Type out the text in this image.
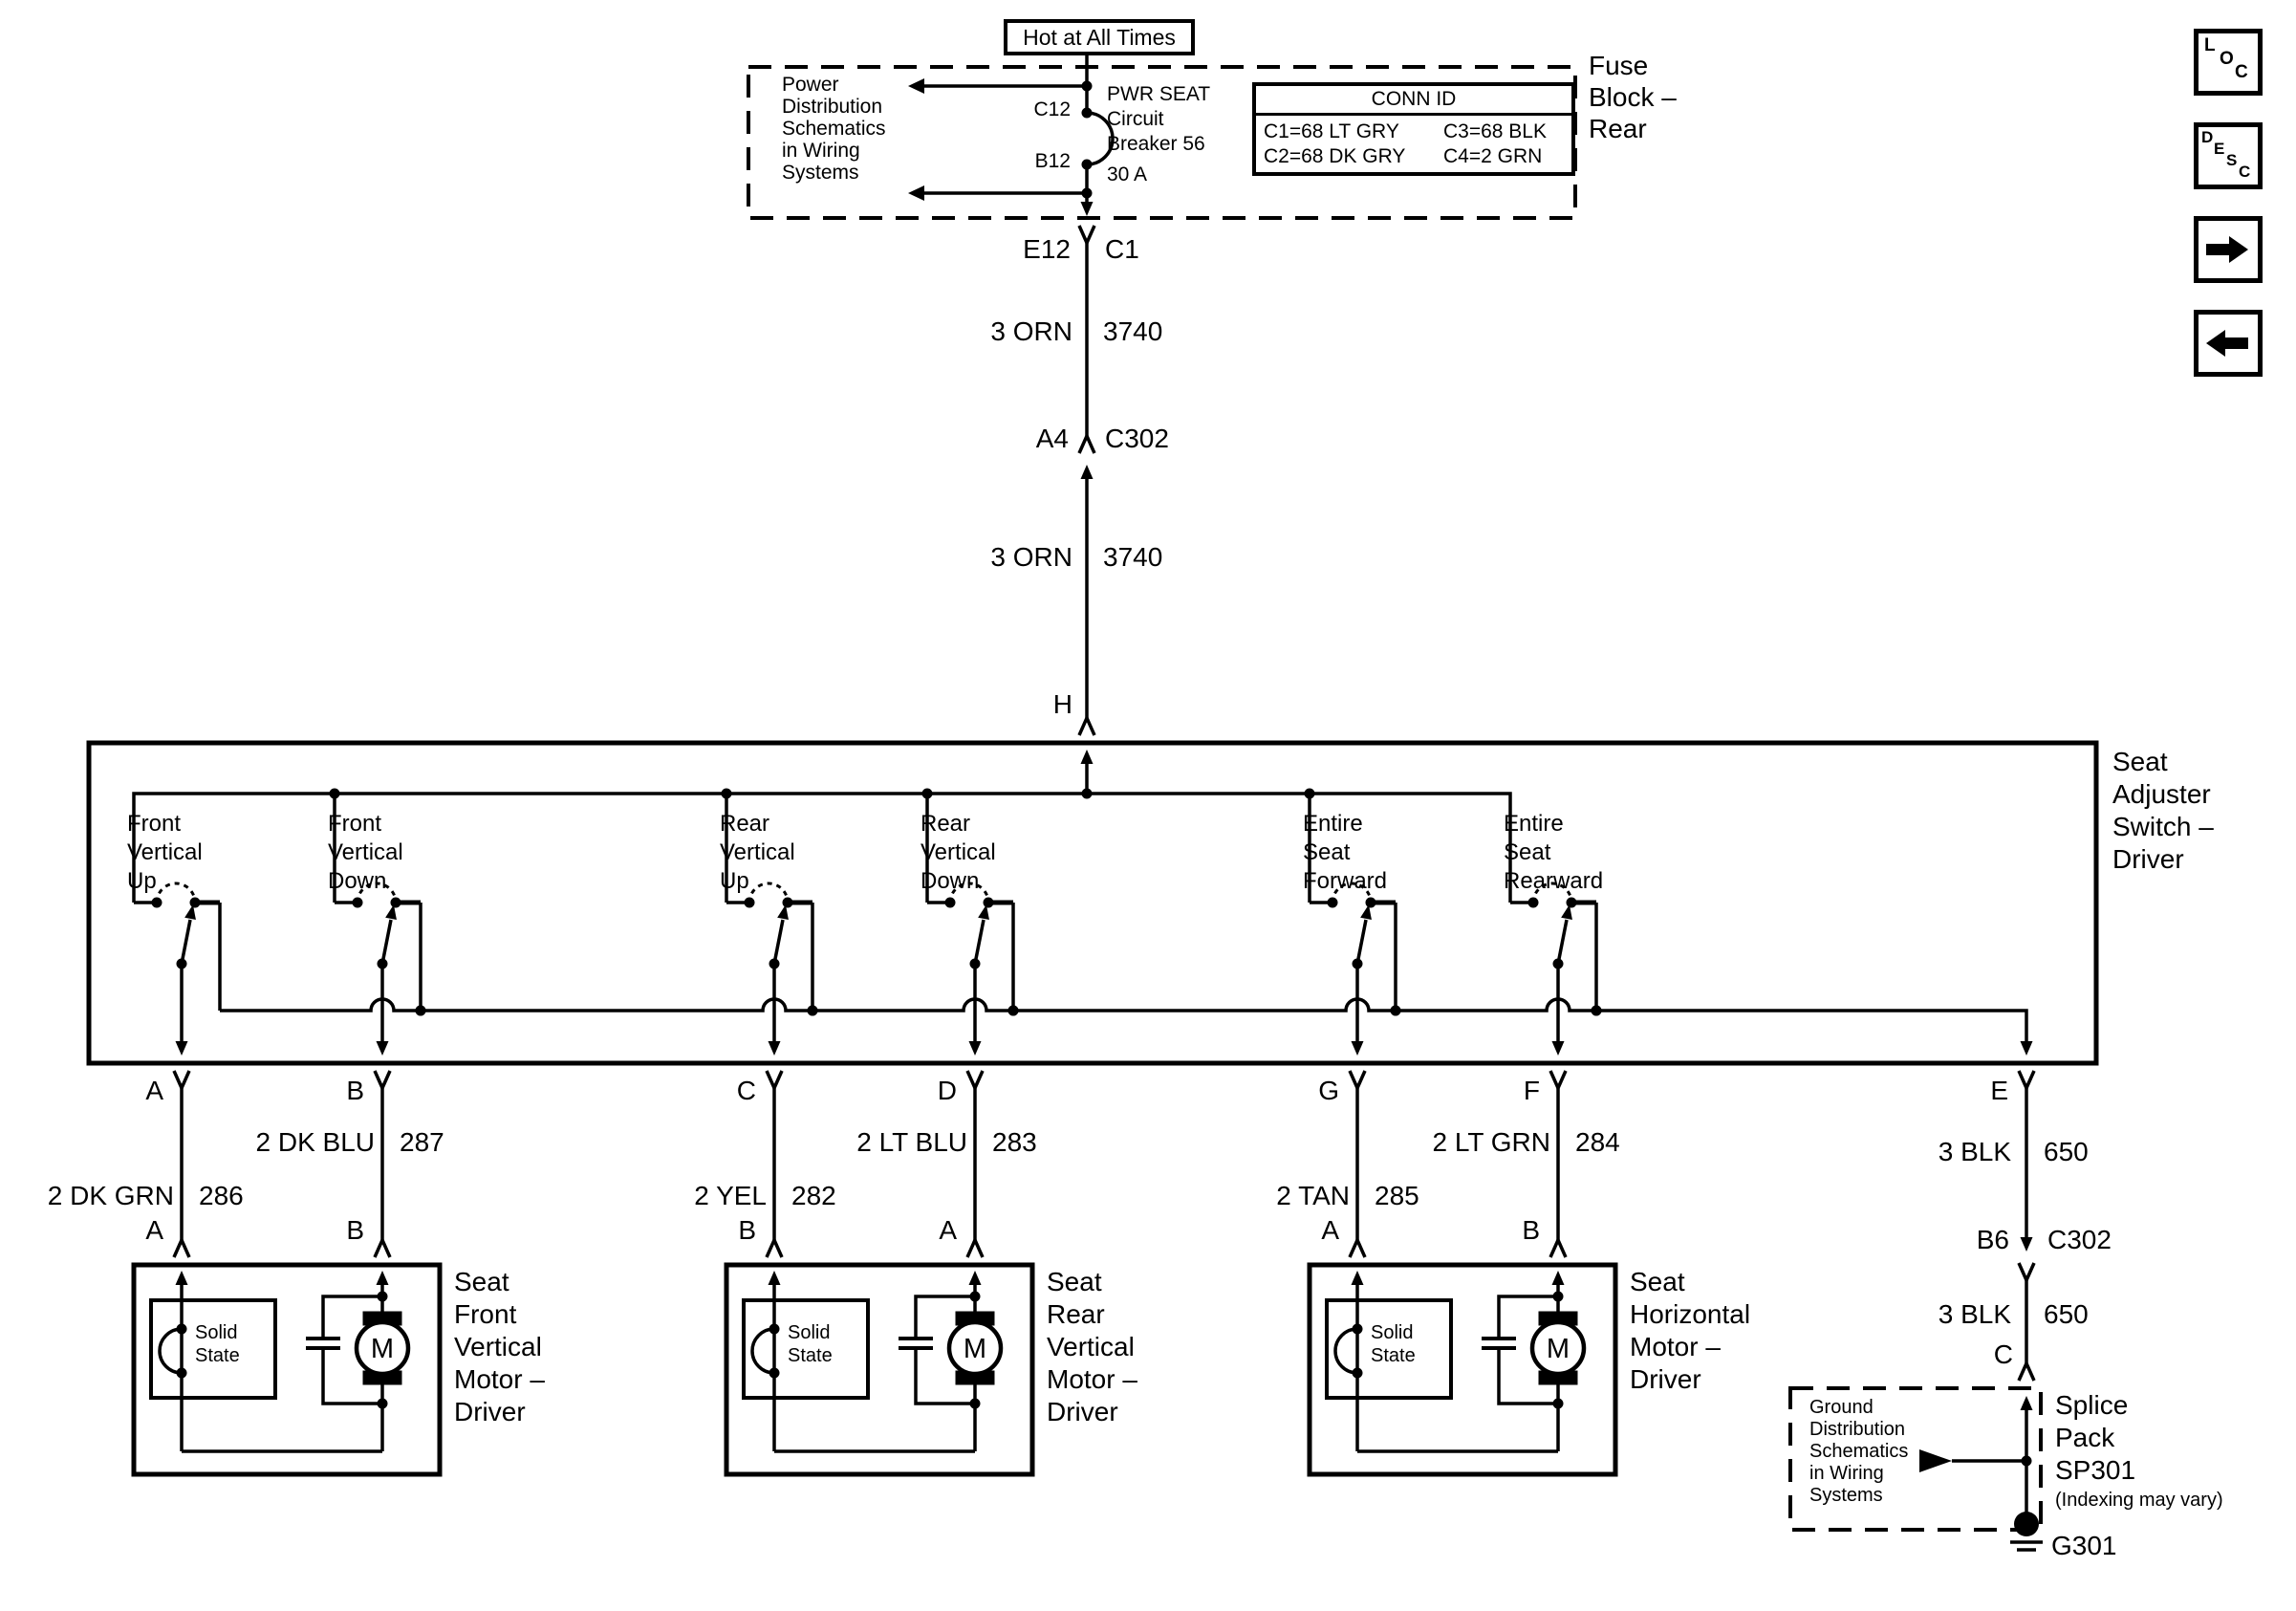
Hot at All Times
Power
Distribution
Schematics
in Wiring
Systems
C12
B12
PWR SEAT
Circuit
Breaker 56
30 A
CONN ID
C1=68 LT GRY C3=68 BLK
C2=68 DK GRY C4=2 GRN
Fuse
Block –
Rear
E12 C1
3 ORN 3740
A4 C302
3 ORN 3740
H
Seat
Adjuster
Switch –
Driver
Front
Vertical
Up
Front
Vertical
Down
Rear
Vertical
Up
Rear
Vertical
Down
Entire
Seat
Forward
Entire
Seat
Rearward
A	B	C	D	G	F	E
2 DK GRN 286
2 DK BLU 287
2 YEL 282
2 LT BLU 283
2 TAN 285
2 LT GRN 284
A	B	B	A	A	B
Solid
State	M
Seat
Front
Vertical
Motor –
Driver
Solid
State	M
Seat
Rear
Vertical
Motor –
Driver
Solid
State	M
Seat
Horizontal
Motor –
Driver
3 BLK 650
B6 C302
3 BLK 650
C
Ground
Distribution
Schematics
in Wiring
Systems
Splice
Pack
SP301
(Indexing may vary)
G301
L
O
C
D
E
S
C
